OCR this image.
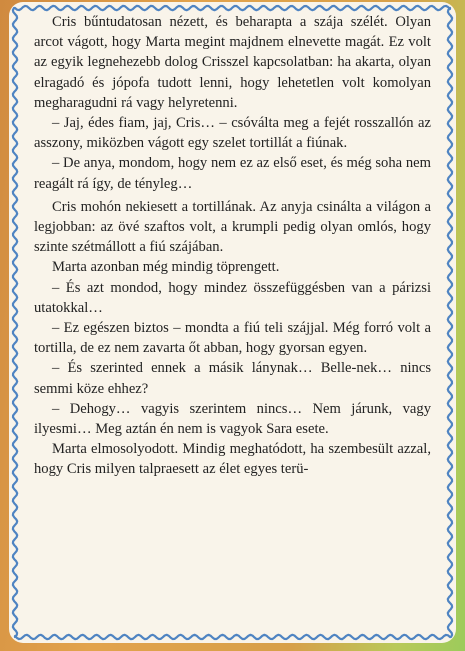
Cris bűntudatosan nézett, és beharapta a szája szélét. Olyan arcot vágott, hogy Marta megint majdnem elnevette magát. Ez volt az egyik legnehezebb dolog Crisszel kapcsolatban: ha akarta, olyan elragadó és jópofa tudott lenni, hogy lehetetlen volt komolyan megharagudni rá vagy helyretenni.

– Jaj, édes fiam, jaj, Cris… – csóválta meg a fejét rosszallón az asszony, miközben vágott egy szelet tortillát a fiúnak.

– De anya, mondom, hogy nem ez az első eset, és még soha nem reagált rá így, de tényleg…

Cris mohón nekiesett a tortillának. Az anyja csinálta a világon a legjobban: az övé szaftos volt, a krumpli pedig olyan omlós, hogy szinte szétmállott a fiú szájában.

Marta azonban még mindig töprengett.

– És azt mondod, hogy mindez összefüggésben van a párizsi utatokkal…

– Ez egészen biztos – mondta a fiú teli szájjal. Még forró volt a tortilla, de ez nem zavarta őt abban, hogy gyorsan egyen.

– És szerinted ennek a másik lánynak… Belle-nek… nincs semmi köze ehhez?

– Dehogy… vagyis szerintem nincs… Nem járunk, vagy ilyesmi… Meg aztán én nem is vagyok Sara esete.

Marta elmosolyodott. Mindig meghatódott, ha szembesült azzal, hogy Cris milyen talpraesett az élet egyes terü-
